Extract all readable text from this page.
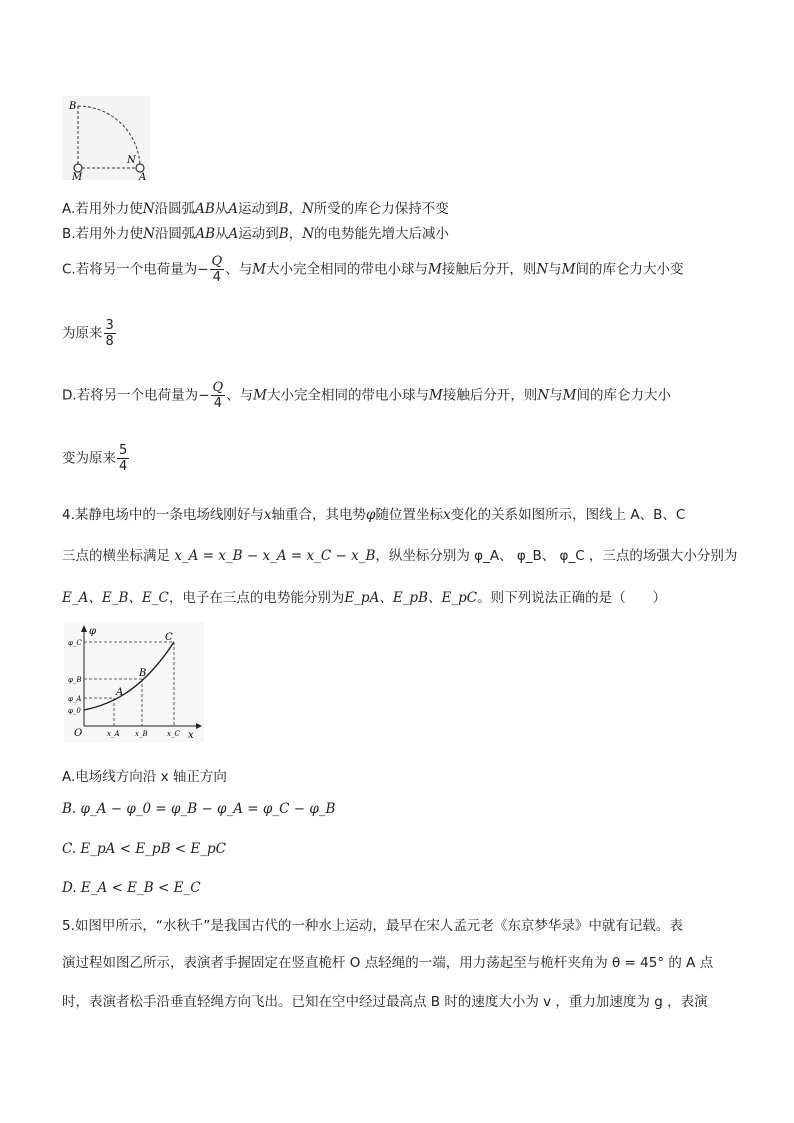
B
M
N
A
A.若用外力使N沿圆弧AB从A运动到B，N所受的库仑力保持不变
B.若用外力使N沿圆弧AB从A运动到B，N的电势能先增大后减小
C.若将另一个电荷量为− $\frac{Q}{4}$ 、与M大小完全相同的带电小球与M接触后分开，则N与M间的库仑力大小变
为原来 $\frac{3}{8}$
D.若将另一个电荷量为− $\frac{Q}{4}$ 、与M大小完全相同的带电小球与M接触后分开，则N与M间的库仑力大小
变为原来 $\frac{5}{4}$
4.某静电场中的一条电场线刚好与x轴重合，其电势φ随位置坐标x变化的关系如图所示，图线上 A、B、C
三点的横坐标满足 x_A = x_B − x_A = x_C − x_B，纵坐标分别为 φ_A、 φ_B、 φ_C ，三点的场强大小分别为
E_A、E_B、E_C，电子在三点的电势能分别为E_pA、E_pB、E_pC。则下列说法正确的是（　　）
φ
x
O
φ_C
φ_B
φ_A
φ_0
x_A x_B	x_C
A
B
C
A.电场线方向沿 x 轴正方向
B. φ_A − φ_0 = φ_B − φ_A = φ_C − φ_B
C. E_pA < E_pB < E_pC
D. E_A < E_B < E_C
5.如图甲所示，“水秋千”是我国古代的一种水上运动，最早在宋人孟元老《东京梦华录》中就有记载。表
演过程如图乙所示，表演者手握固定在竖直桅杆 O 点轻绳的一端，用力荡起至与桅杆夹角为 θ = 45° 的 A 点
时，表演者松手沿垂直轻绳方向飞出。已知在空中经过最高点 B 时的速度大小为 v ，重力加速度为 g ，表演
